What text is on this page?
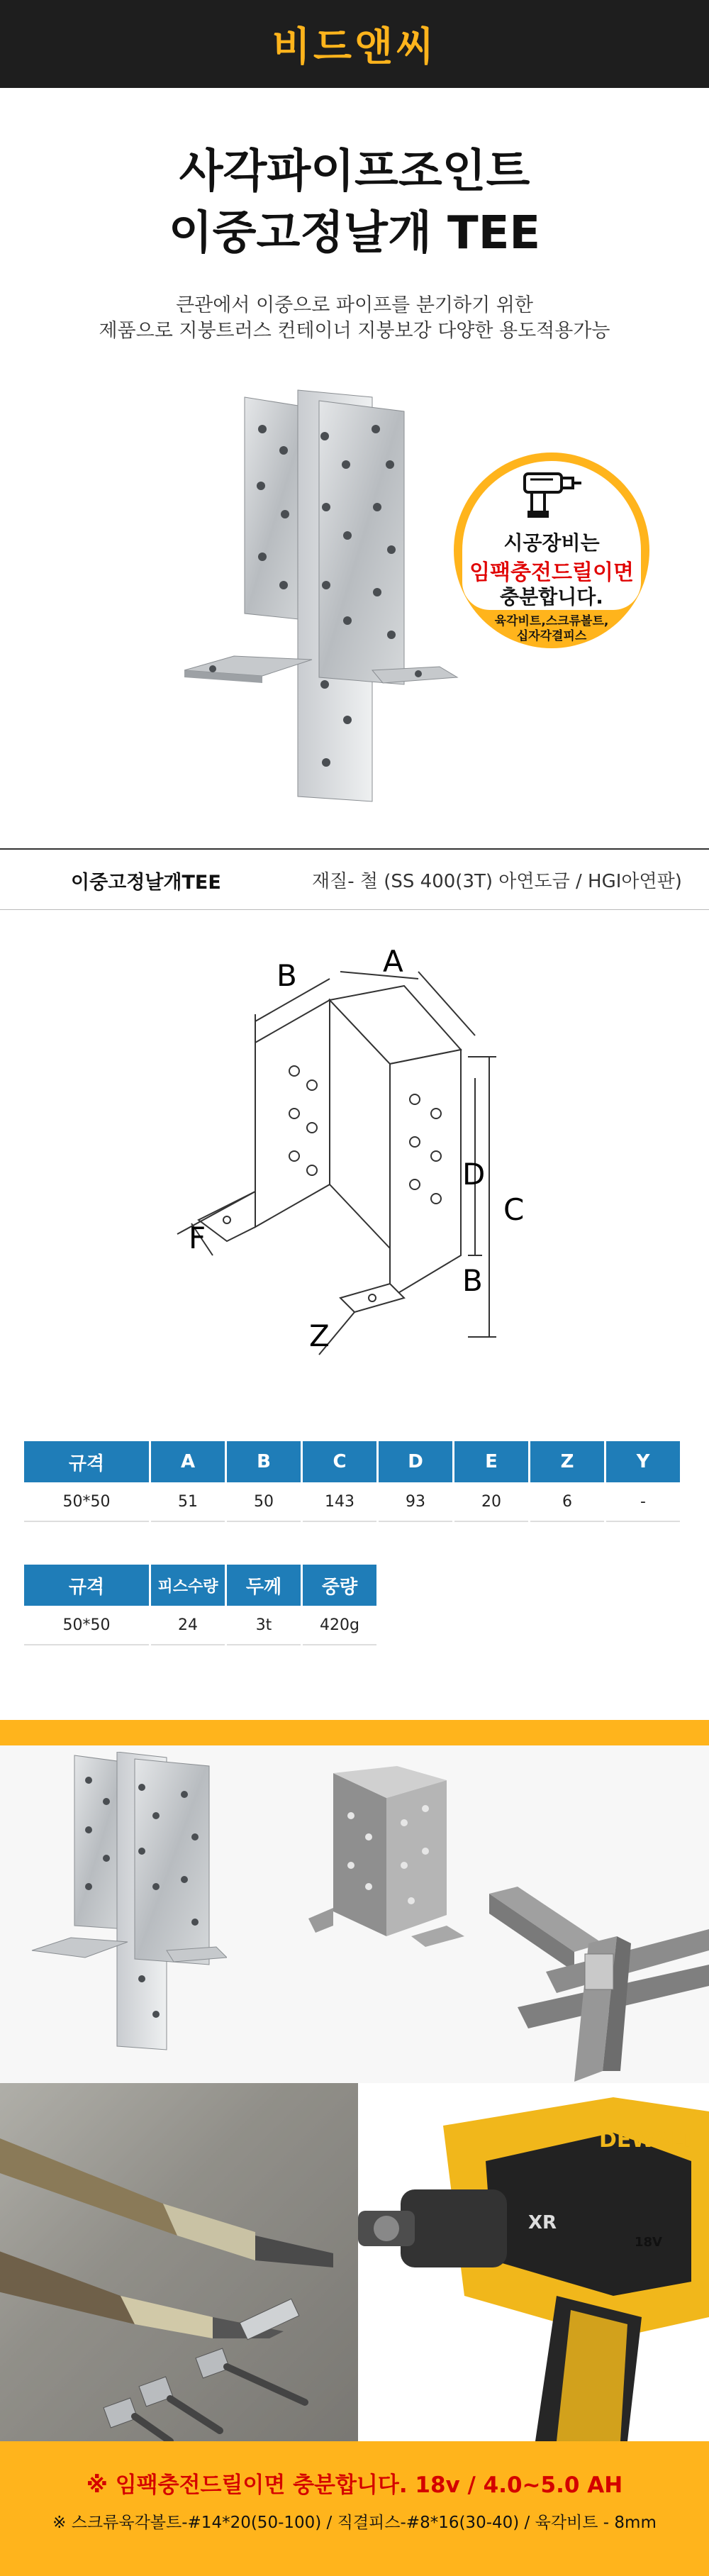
비드앤씨
사각파이프조인트
이중고정날개 TEE
큰관에서 이중으로 파이프를 분기하기 위한
제품으로 지붕트러스 컨테이너 지붕보강 다양한 용도적용가능
시공장비는
임팩충전드릴이면
충분합니다.
육각비트,스크류볼트,
십자각결피스
이중고정날개TEE	재질- 철 (SS 400(3T) 아연도금 / HGI아연판)
B	A
D
C
B
F
Z
규격	A	B	C	D	E	Z	Y
50*50	51	50	143	93	20	6	-
규격	피스수량	두께	중량
50*50	24	3t	420g
DEWALT
XR
18V
※ 임팩충전드릴이면 충분합니다. 18v / 4.0~5.0 AH
※ 스크류육각볼트-#14*20(50-100) / 직결피스-#8*16(30-40) / 육각비트 - 8mm
